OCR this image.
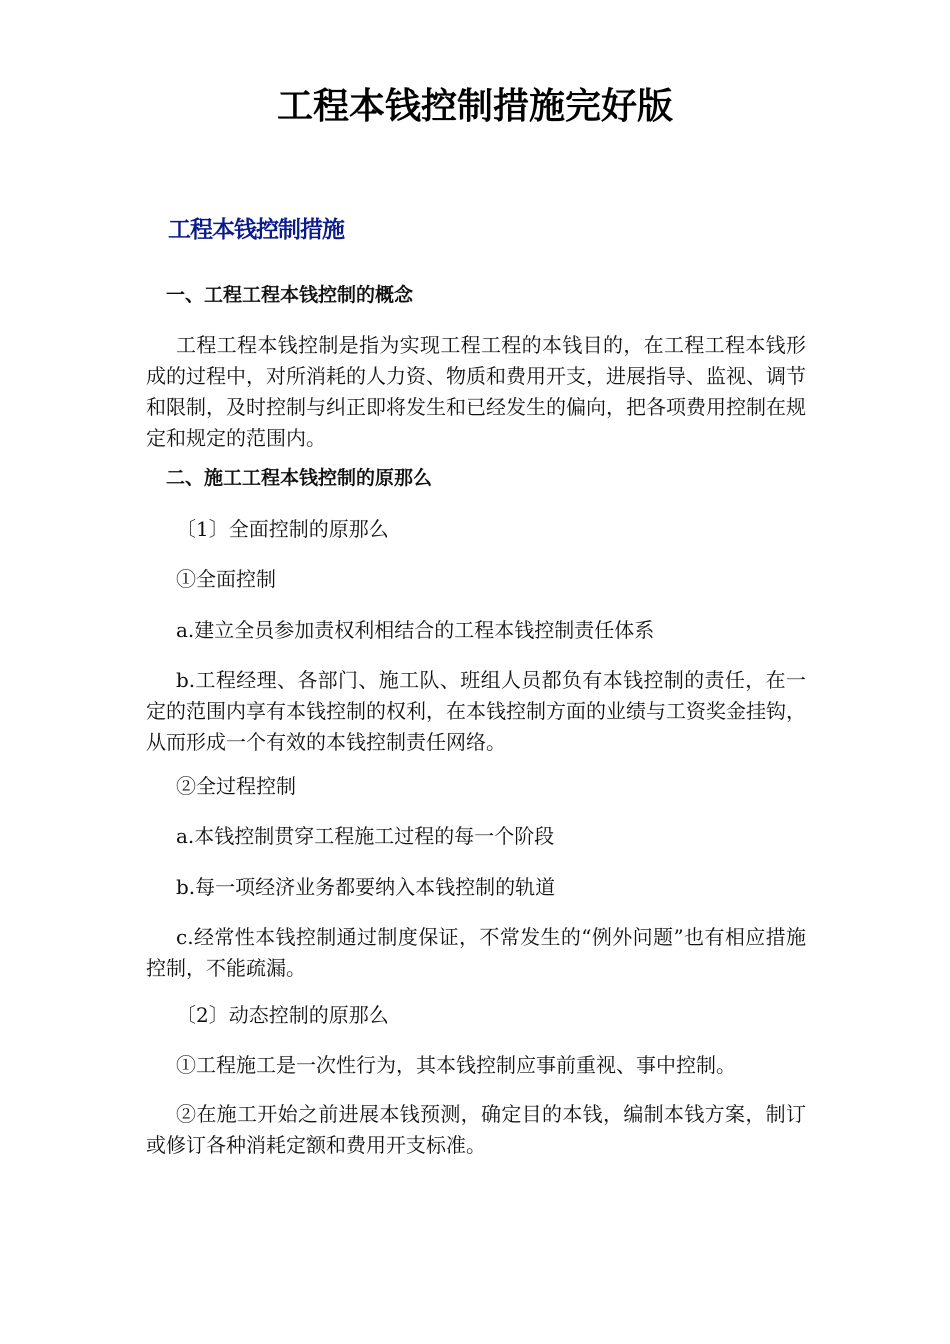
工程本钱控制措施完好版
工程本钱控制措施
一、工程工程本钱控制的概念
工程工程本钱控制是指为实现工程工程的本钱目的，在工程工程本钱形成的过程中，对所消耗的人力资、物质和费用开支，进展指导、监视、调节和限制，及时控制与纠正即将发生和已经发生的偏向，把各项费用控制在规定和规定的范围内。
二、施工工程本钱控制的原那么
〔1〕全面控制的原那么
①全面控制
a.建立全员参加责权利相结合的工程本钱控制责任体系
b.工程经理、各部门、施工队、班组人员都负有本钱控制的责任，在一定的范围内享有本钱控制的权利，在本钱控制方面的业绩与工资奖金挂钩，从而形成一个有效的本钱控制责任网络。
②全过程控制
a.本钱控制贯穿工程施工过程的每一个阶段
b.每一项经济业务都要纳入本钱控制的轨道
c.经常性本钱控制通过制度保证，不常发生的“例外问题”也有相应措施控制，不能疏漏。
〔2〕动态控制的原那么
①工程施工是一次性行为，其本钱控制应事前重视、事中控制。
②在施工开始之前进展本钱预测，确定目的本钱，编制本钱方案，制订或修订各种消耗定额和费用开支标准。
